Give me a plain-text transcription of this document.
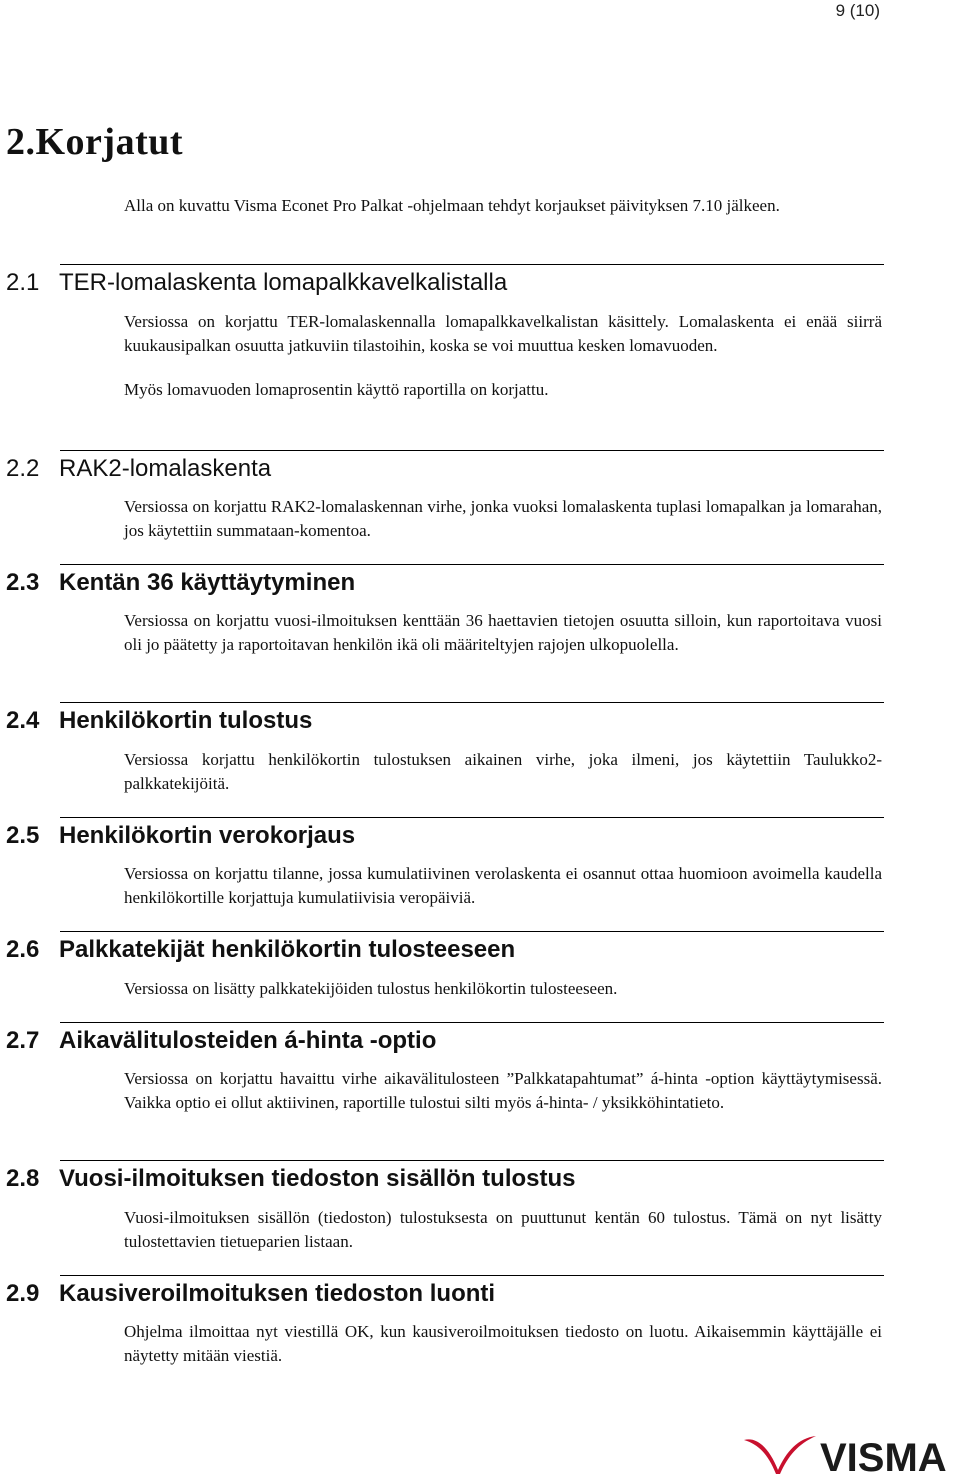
9 (10)
2.Korjatut

Alla on kuvattu Visma Econet Pro Palkat -ohjelmaan tehdyt korjaukset päivityksen 7.10 jälkeen.

2.1 TER-lomalaskenta lomapalkkavelkalistalla

Versiossa on korjattu TER-lomalaskennalla lomapalkkavelkalistan käsittely. Lomalaskenta ei enää siirrä kuukausipalkan osuutta jatkuviin tilastoihin, koska se voi muuttua kesken lomavuoden.

Myös lomavuoden lomaprosentin käyttö raportilla on korjattu.

2.2 RAK2-lomalaskenta

Versiossa on korjattu RAK2-lomalaskennan virhe, jonka vuoksi lomalaskenta tuplasi lomapalkan ja lomarahan, jos käytettiin summataan-komentoa.

2.3 Kentän 36 käyttäytyminen

Versiossa on korjattu vuosi-ilmoituksen kenttään 36 haettavien tietojen osuutta silloin, kun raportoitava vuosi oli jo päätetty ja raportoitavan henkilön ikä oli määriteltyjen rajojen ulkopuolella.

2.4 Henkilökortin tulostus

Versiossa korjattu henkilökortin tulostuksen aikainen virhe, joka ilmeni, jos käytettiin Taulukko2-palkkatekijöitä.

2.5 Henkilökortin verokorjaus

Versiossa on korjattu tilanne, jossa kumulatiivinen verolaskenta ei osannut ottaa huomioon avoimella kaudella henkilökortille korjattuja kumulatiivisia veropäiviä.

2.6 Palkkatekijät henkilökortin tulosteeseen

Versiossa on lisätty palkkatekijöiden tulostus henkilökortin tulosteeseen.

2.7 Aikavälitulosteiden á-hinta -optio

Versiossa on korjattu havaittu virhe aikavälitulosteen ”Palkkatapahtumat” á-hinta -option käyttäytymisessä. Vaikka optio ei ollut aktiivinen, raportille tulostui silti myös á-hinta- / yksikköhintatieto.

2.8 Vuosi-ilmoituksen tiedoston sisällön tulostus

Vuosi-ilmoituksen sisällön (tiedoston) tulostuksesta on puuttunut kentän 60 tulostus. Tämä on nyt lisätty tulostettavien tietueparien listaan.

2.9 Kausiveroilmoituksen tiedoston luonti

Ohjelma ilmoittaa nyt viestillä OK, kun kausiveroilmoituksen tiedosto on luotu. Aikaisemmin käyttäjälle ei näytetty mitään viestiä.

VISMA
